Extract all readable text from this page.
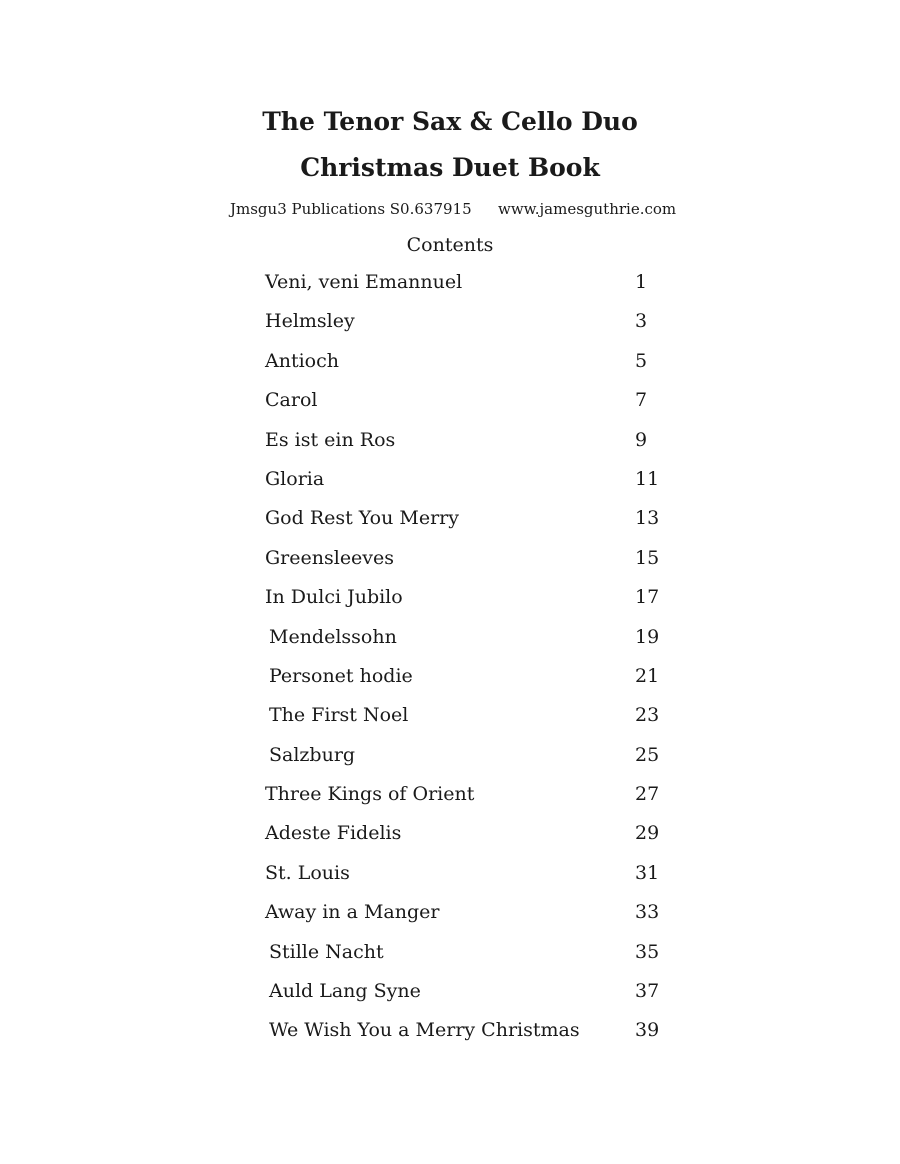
The Tenor Sax & Cello Duo
Christmas Duet Book
Jmsgu3 Publications S0.637915 www.jamesguthrie.com
Contents
Veni, veni Emannuel	1
Helmsley	3
Antioch	5
Carol	7
Es ist ein Ros	9
Gloria	11
God Rest You Merry	13
Greensleeves	15
In Dulci Jubilo	17
Mendelssohn	19
Personet hodie	21
The First Noel	23
Salzburg	25
Three Kings of Orient	27
Adeste Fidelis	29
St. Louis	31
Away in a Manger	33
Stille Nacht	35
Auld Lang Syne	37
We Wish You a Merry Christmas	39
